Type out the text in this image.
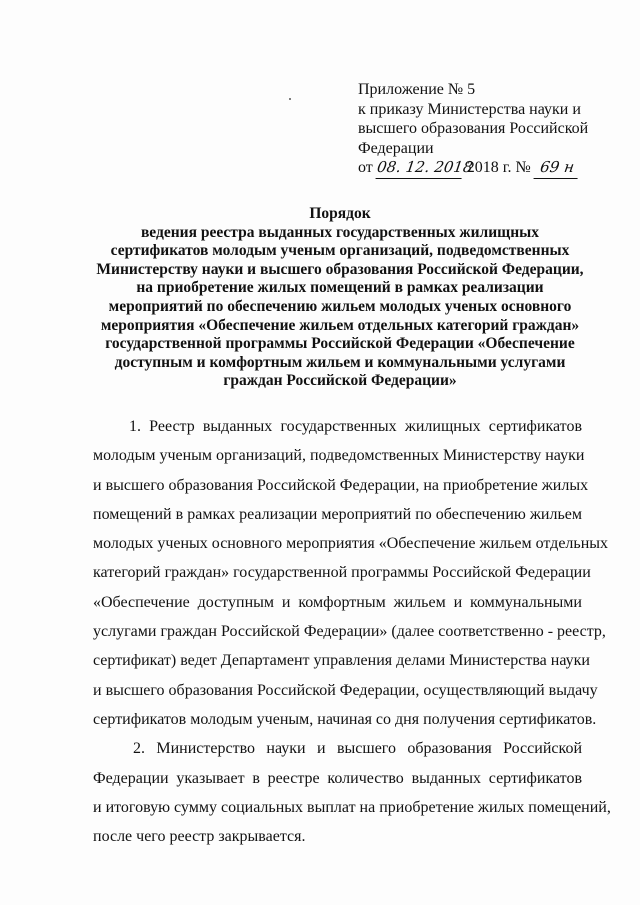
Приложение № 5
к приказу Министерства науки и
высшего образования Российской
Федерации
от 08. 12. 2018 2018 г. № 69 н
Порядок
ведения реестра выданных государственных жилищных
сертификатов молодым ученым организаций, подведомственных
Министерству науки и высшего образования Российской Федерации,
на приобретение жилых помещений в рамках реализации
мероприятий по обеспечению жильем молодых ученых основного
мероприятия «Обеспечение жильем отдельных категорий граждан»
государственной программы Российской Федерации «Обеспечение
доступным и комфортным жильем и коммунальными услугами
граждан Российской Федерации»
1. Реестр выданных государственных жилищных сертификатов
молодым ученым организаций, подведомственных Министерству науки
и высшего образования Российской Федерации, на приобретение жилых
помещений в рамках реализации мероприятий по обеспечению жильем
молодых ученых основного мероприятия «Обеспечение жильем отдельных
категорий граждан» государственной программы Российской Федерации
«Обеспечение доступным и комфортным жильем и коммунальными
услугами граждан Российской Федерации» (далее соответственно - реестр,
сертификат) ведет Департамент управления делами Министерства науки
и высшего образования Российской Федерации, осуществляющий выдачу
сертификатов молодым ученым, начиная со дня получения сертификатов.
2. Министерство науки и высшего образования Российской
Федерации указывает в реестре количество выданных сертификатов
и итоговую сумму социальных выплат на приобретение жилых помещений,
после чего реестр закрывается.
